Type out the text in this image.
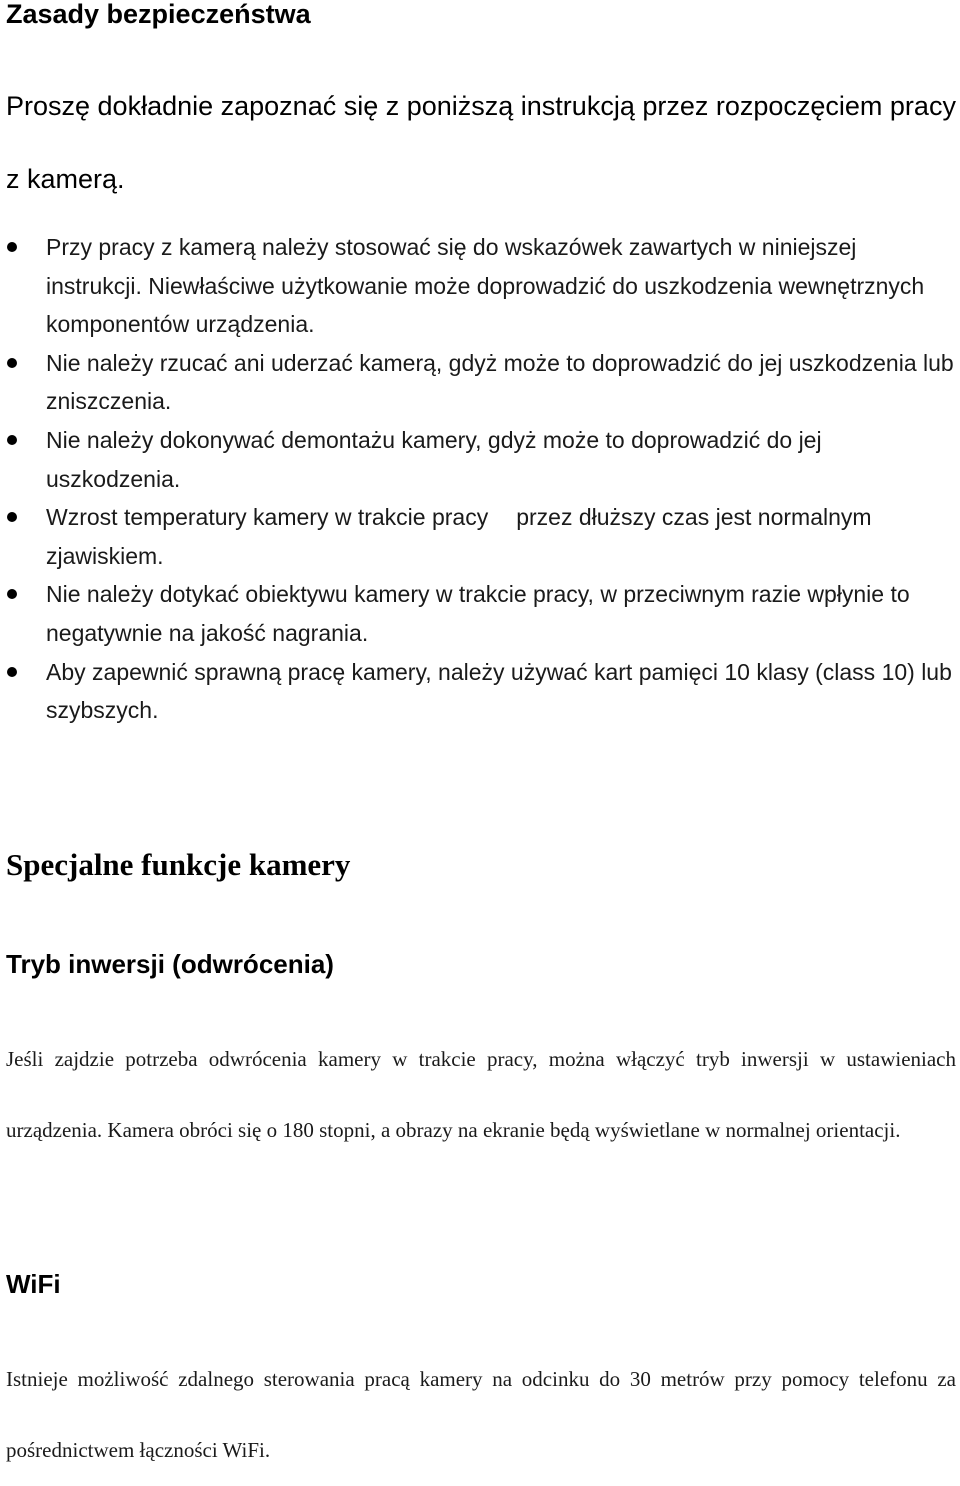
Zasady bezpieczeństwa
Proszę dokładnie zapoznać się z poniższą instrukcją przez rozpoczęciem pracy z kamerą.
Przy pracy z kamerą należy stosować się do wskazówek zawartych w niniejszej instrukcji. Niewłaściwe użytkowanie może doprowadzić do uszkodzenia wewnętrznych komponentów urządzenia.
Nie należy rzucać ani uderzać kamerą, gdyż może to doprowadzić do jej uszkodzenia lub zniszczenia.
Nie należy dokonywać demontażu kamery, gdyż może to doprowadzić do jej uszkodzenia.
Wzrost temperatury kamery w trakcie pracy przez dłuższy czas jest normalnym zjawiskiem.
Nie należy dotykać obiektywu kamery w trakcie pracy, w przeciwnym razie wpłynie to negatywnie na jakość nagrania.
Aby zapewnić sprawną pracę kamery, należy używać kart pamięci 10 klasy (class 10) lub szybszych.
Specjalne funkcje kamery
Tryb inwersji (odwrócenia)
Jeśli zajdzie potrzeba odwrócenia kamery w trakcie pracy, można włączyć tryb inwersji w ustawieniach urządzenia. Kamera obróci się o 180 stopni, a obrazy na ekranie będą wyświetlane w normalnej orientacji.
WiFi
Istnieje możliwość zdalnego sterowania pracą kamery na odcinku do 30 metrów przy pomocy telefonu za pośrednictwem łączności WiFi.
